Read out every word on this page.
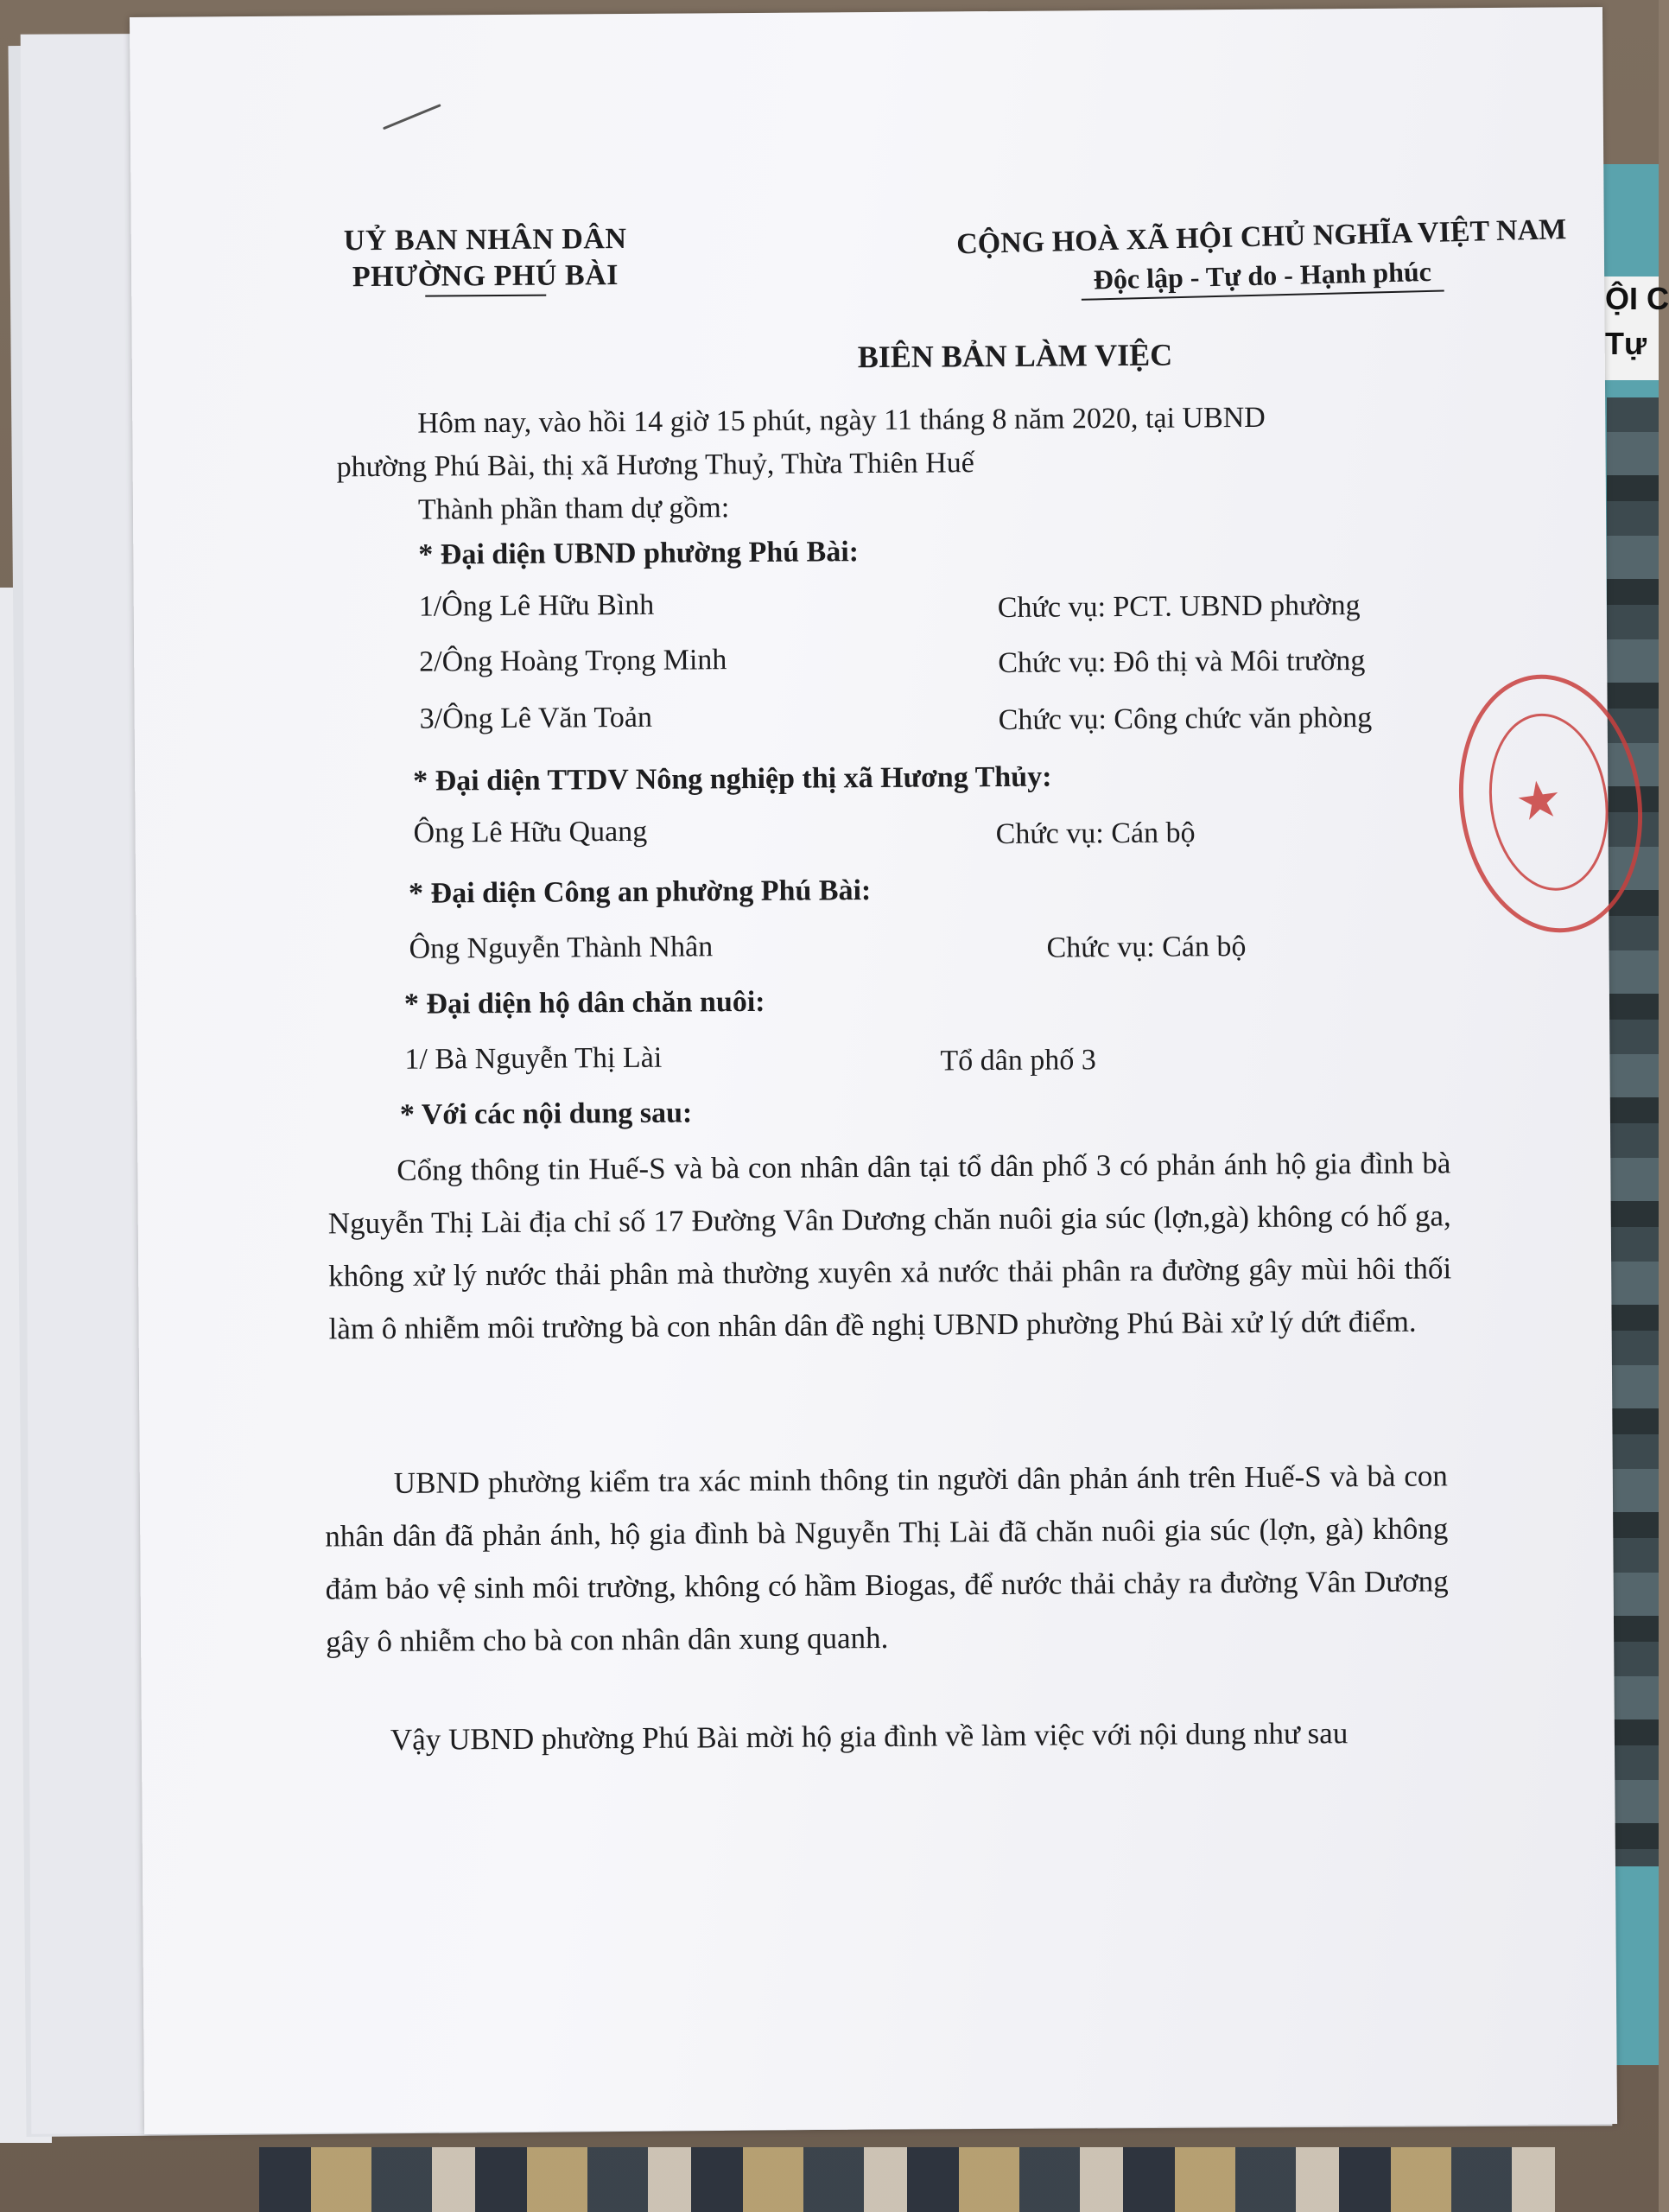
ỘI C
Tự
UỶ BAN NHÂN DÂN
PHƯỜNG PHÚ BÀI
CỘNG HOÀ XÃ HỘI CHỦ NGHĨA VIỆT NAM
Độc lập - Tự do - Hạnh phúc
BIÊN BẢN LÀM VIỆC
Hôm nay, vào hồi 14 giờ 15 phút, ngày 11 tháng 8 năm 2020, tại UBND
phường Phú Bài, thị xã Hương Thuỷ, Thừa Thiên Huế
Thành phần tham dự gồm:
* Đại diện UBND phường Phú Bài:
1/Ông Lê Hữu Bình	Chức vụ: PCT. UBND phường
2/Ông Hoàng Trọng Minh	Chức vụ: Đô thị và Môi trường
3/Ông Lê Văn Toản	Chức vụ: Công chức văn phòng
* Đại diện TTDV Nông nghiệp thị xã Hương Thủy:
Ông Lê Hữu Quang	Chức vụ: Cán bộ
* Đại diện Công an phường Phú Bài:
Ông Nguyễn Thành Nhân	Chức vụ: Cán bộ
* Đại diện hộ dân chăn nuôi:
1/ Bà Nguyễn Thị Lài	Tổ dân phố 3
* Với các nội dung sau:
Cổng thông tin Huế-S và bà con nhân dân tại tổ dân phố 3 có phản ánh hộ gia đình bà Nguyễn Thị Lài địa chỉ số 17 Đường Vân Dương chăn nuôi gia súc (lợn,gà) không có hố ga, không xử lý nước thải phân mà thường xuyên xả nước thải phân ra đường gây mùi hôi thối làm ô nhiễm môi trường bà con nhân dân đề nghị UBND phường Phú Bài xử lý dứt điểm.
UBND phường kiểm tra xác minh thông tin người dân phản ánh trên Huế-S và bà con nhân dân đã phản ánh, hộ gia đình bà Nguyễn Thị Lài đã chăn nuôi gia súc (lợn, gà) không đảm bảo vệ sinh môi trường, không có hầm Biogas, để nước thải chảy ra đường Vân Dương gây ô nhiễm cho bà con nhân dân xung quanh.
Vậy UBND phường Phú Bài mời hộ gia đình về làm việc với nội dung như sau
★
